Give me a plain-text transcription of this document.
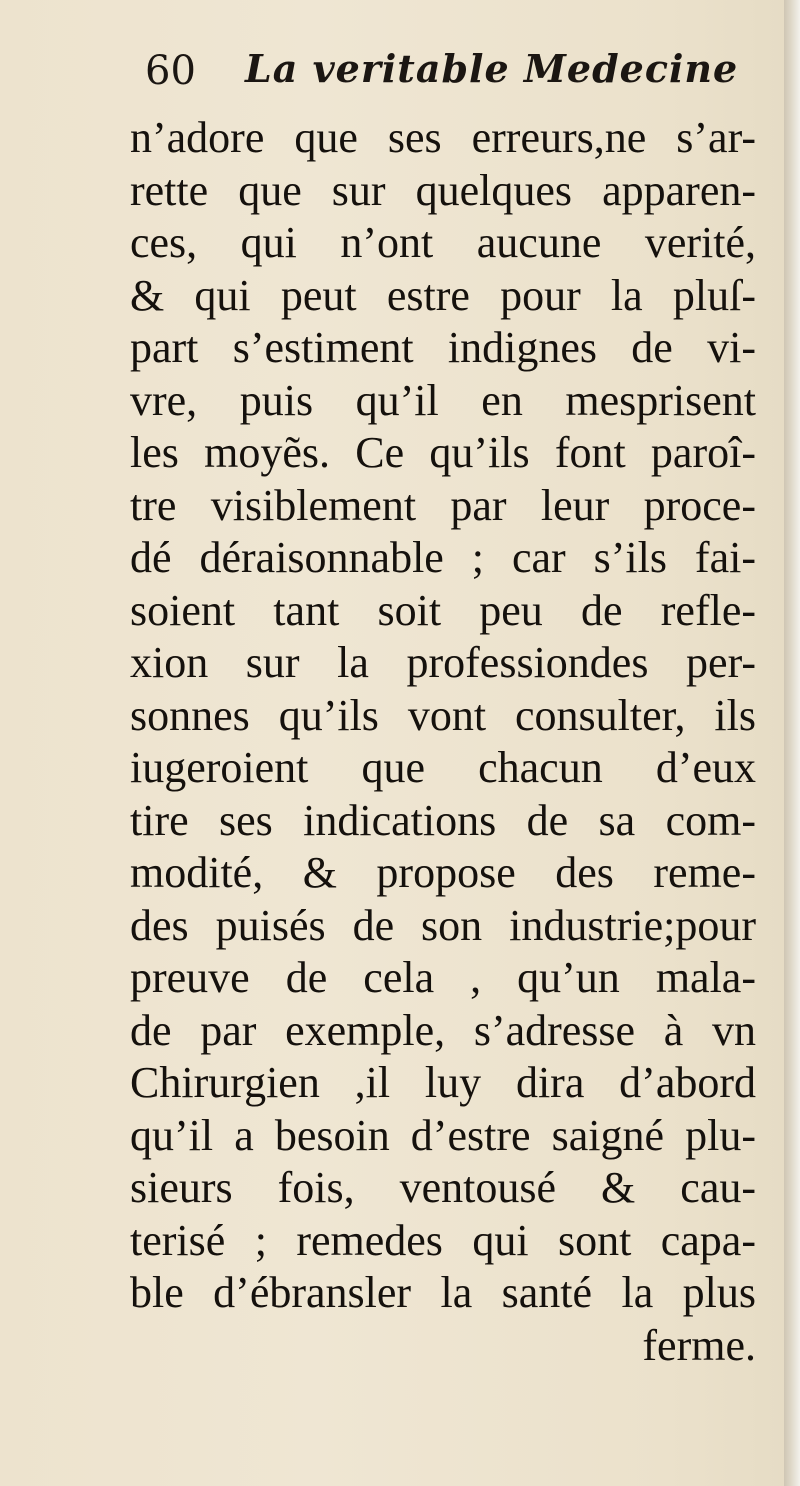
60 La veritable Medecine
n’adore que ses erreurs,ne s’ar-
rette que sur quelques apparen-
ces, qui n’ont aucune verité,
& qui peut estre pour la pluſ-
part s’estiment indignes de vi-
vre, puis qu’il en mesprisent
les moyẽs. Ce qu’ils font paroî-
tre visiblement par leur proce-
dé déraisonnable ; car s’ils fai-
soient tant soit peu de refle-
xion sur la professiondes per-
sonnes qu’ils vont consulter, ils
iugeroient que chacun d’eux
tire ses indications de sa com-
modité, & propose des reme-
des puisés de son industrie;pour
preuve de cela , qu’un mala-
de par exemple, s’adresse à vn
Chirurgien ,il luy dira d’abord
qu’il a besoin d’estre saigné plu-
sieurs fois, ventousé & cau-
terisé ; remedes qui sont capa-
ble d’ébransler la santé la plus
ferme.
